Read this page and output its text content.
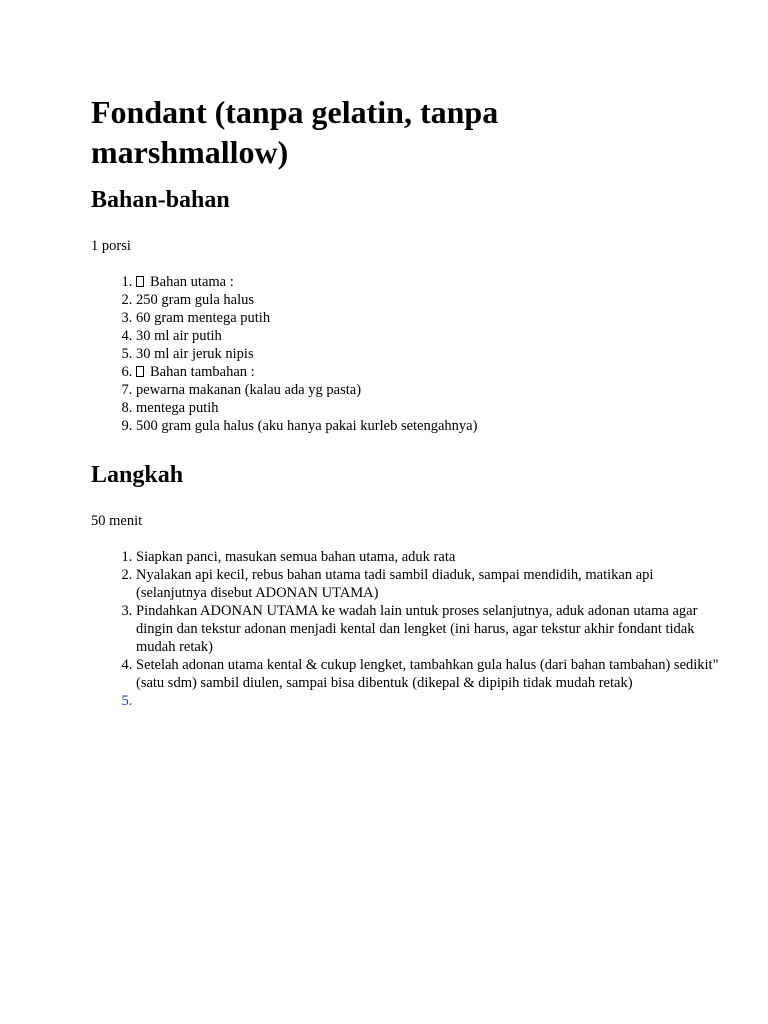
Fondant (tanpa gelatin, tanpa marshmallow)
Bahan-bahan

1 porsi

1. Bahan utama :
2. 250 gram gula halus
3. 60 gram mentega putih
4. 30 ml air putih
5. 30 ml air jeruk nipis
6. Bahan tambahan :
7. pewarna makanan (kalau ada yg pasta)
8. mentega putih
9. 500 gram gula halus (aku hanya pakai kurleb setengahnya)
Langkah

50 menit

1. Siapkan panci, masukan semua bahan utama, aduk rata
2. Nyalakan api kecil, rebus bahan utama tadi sambil diaduk, sampai mendidih, matikan api (selanjutnya disebut ADONAN UTAMA)
3. Pindahkan ADONAN UTAMA ke wadah lain untuk proses selanjutnya, aduk adonan utama agar dingin dan tekstur adonan menjadi kental dan lengket (ini harus, agar tekstur akhir fondant tidak mudah retak)
4. Setelah adonan utama kental & cukup lengket, tambahkan gula halus (dari bahan tambahan) sedikit" (satu sdm) sambil diulen, sampai bisa dibentuk (dikepal & dipipih tidak mudah retak)
5.
